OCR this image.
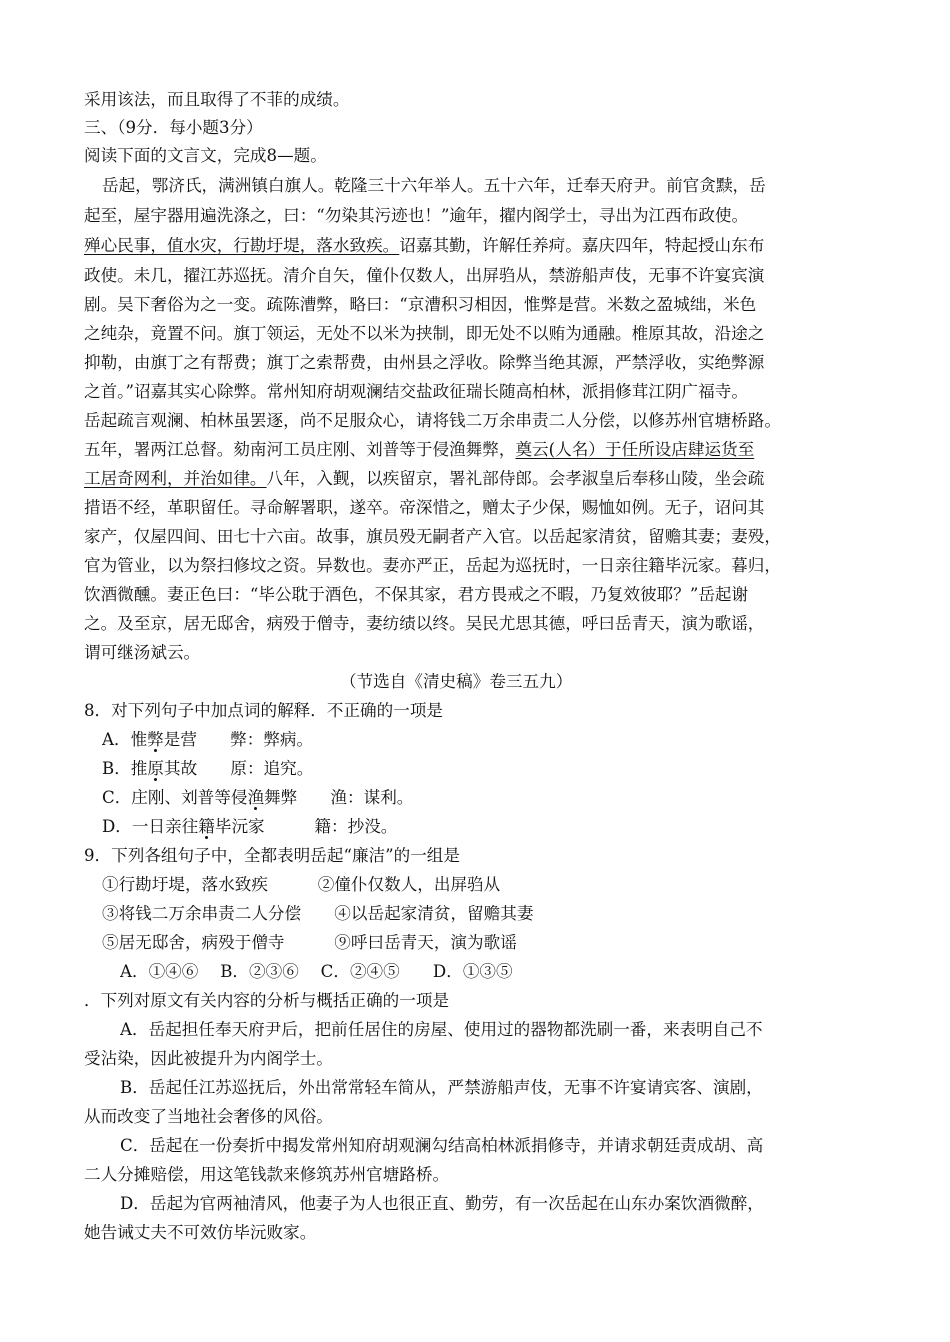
采用该法，而且取得了不菲的成绩。
三、（9分．每小题3分）
阅读下面的文言文，完成8—题。
岳起，鄂济氏，满洲镇白旗人。乾隆三十六年举人。五十六年，迁奉天府尹。前官贪黩，岳
起至，屋宇器用遍洗涤之，曰：“勿染其污迹也！”逾年，擢内阁学士，寻出为江西布政使。
殚心民事，值水灾，行勘圩堤，落水致疾。诏嘉其勤，许解任养疴。嘉庆四年，特起授山东布
政使。未几，擢江苏巡抚。清介自矢，僮仆仅数人，出屏驺从，禁游船声伎，无事不许宴宾演
剧。吴下奢俗为之一变。疏陈漕弊，略曰：“京漕积习相因，惟弊是营。米数之盈城绌，米色
之纯杂，竟置不问。旗丁领运，无处不以米为挟制，即无处不以贿为通融。椎原其故，沿途之
抑勒，由旗丁之有帮费；旗丁之索帮费，由州县之浮收。除弊当绝其源，严禁浮收，实绝弊源
之首。”诏嘉其实心除弊。常州知府胡观澜结交盐政征瑞长随高柏林，派捐修茸江阴广福寺。
岳起疏言观澜、柏林虽罢逐，尚不足服众心，请将钱二万余串责二人分偿，以修苏州官塘桥路。
五年，署两江总督。劾南河工员庄刚、刘普等于侵渔舞弊，奠云(人名）于任所设店肆运货至
工居奇网利，并治如律。八年，入觐，以疾留京，署礼部侍郎。会孝淑皇后奉移山陵，坐会疏
措语不经，革职留任。寻命解署职，遂卒。帝深惜之，赠太子少保，赐恤如例。无子，诏问其
家产，仅屋四间、田七十六亩。故事，旗员殁无嗣者产入官。以岳起家清贫，留赡其妻；妻殁，
官为管业，以为祭扫修坟之资。异数也。妻亦严正，岳起为巡抚时，一日亲往籍毕沅家。暮归，
饮酒微醺。妻正色曰：“毕公耽于酒色，不保其家，君方畏戒之不暇，乃复效彼耶？”岳起谢
之。及至京，居无邸舍，病殁于僧寺，妻纺绩以终。吴民尤思其德，呼曰岳青天，演为歌谣，
谓可继汤斌云。
（节选自《清史稿》卷三五九）
8．对下列句子中加点词的解释．不正确的一项是
A．惟弊是营　　弊：弊病。
B．推原其故　　原：追究。
C．庄刚、刘普等侵渔舞弊　　渔：谋利。
D．一日亲往籍毕沅家　　　籍：抄没。
9．下列各组句子中，全都表明岳起“廉洁”的一组是
①行勘圩堤，落水致疾　　　②僮仆仅数人，出屏驺从
③将钱二万余串责二人分偿　　④以岳起家清贫，留赡其妻
⑤居无邸舍，病殁于僧寺　　　⑨呼曰岳青天，演为歌谣
A．①④⑥　 B．②③⑥　 C．②④⑤　　D．①③⑤
．下列对原文有关内容的分析与概括正确的一项是
A．岳起担任奉天府尹后，把前任居住的房屋、使用过的器物都洗刷一番，来表明自己不
受沾染，因此被提升为内阁学士。
B．岳起任江苏巡抚后，外出常常轻车简从，严禁游船声伎，无事不许宴请宾客、演剧，
从而改变了当地社会奢侈的风俗。
C．岳起在一份奏折中揭发常州知府胡观澜勾结高柏林派捐修寺，并请求朝廷责成胡、高
二人分摊赔偿，用这笔钱款来修筑苏州官塘路桥。
D．岳起为官两袖清风，他妻子为人也很正直、勤劳，有一次岳起在山东办案饮酒微醉，
她告诫丈夫不可效仿毕沅败家。
